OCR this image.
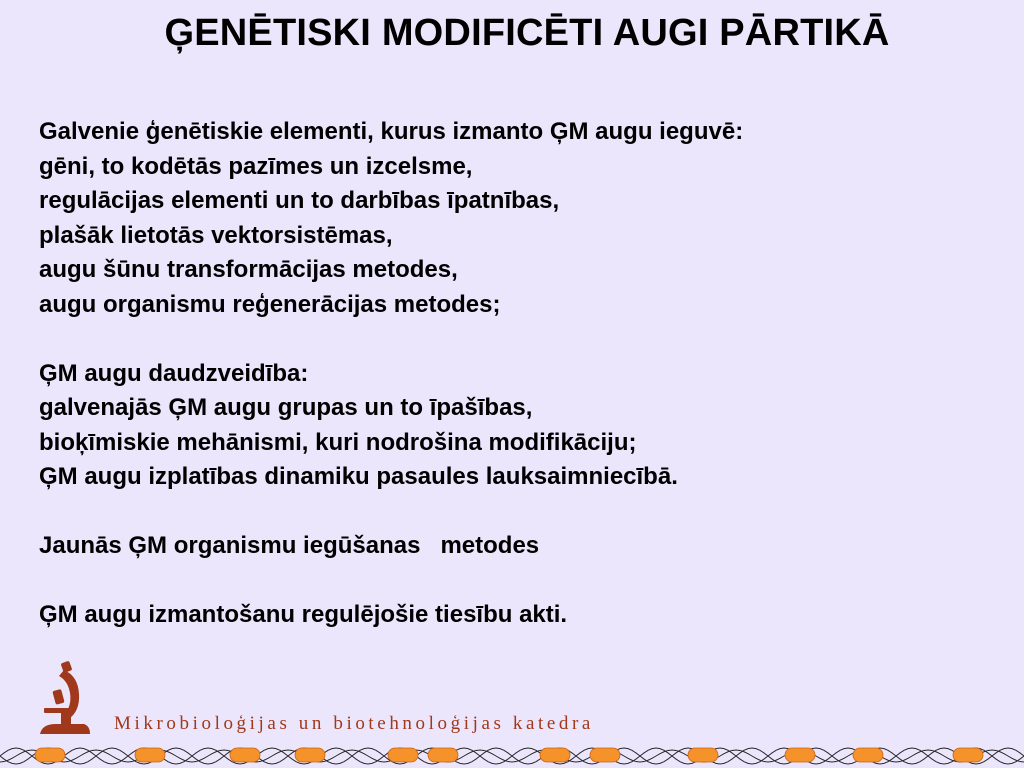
ĢENĒTISKI MODIFICĒTI AUGI PĀRTIKĀ
Galvenie ģenētiskie elementi, kurus izmanto ĢM augu ieguvē:
gēni, to kodētās pazīmes un izcelsme,
regulācijas elementi un to darbības īpatnības,
plašāk lietotās vektorsistēmas,
augu šūnu transformācijas metodes,
augu organismu reģenerācijas metodes;
ĢM augu daudzveidība:
galvenajās ĢM augu grupas un to īpašības,
bioķīmiskie mehānismi, kuri nodrošina modifikāciju;
ĢM augu izplatības dinamiku pasaules lauksaimniecībā.
Jaunās ĢM organismu iegūšanas   metodes
ĢM augu izmantošanu regulējošie tiesību akti.
Mikrobioloģijas un biotehnoloģijas katedra
